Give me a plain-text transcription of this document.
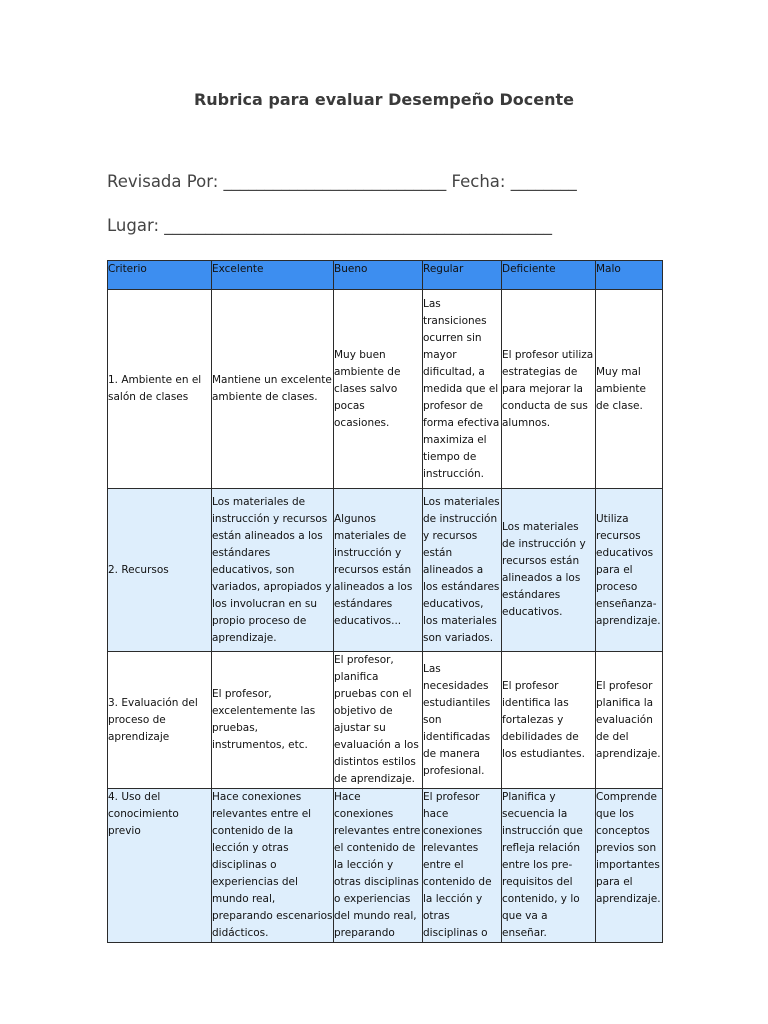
Rubrica para evaluar Desempeño Docente

Revisada Por: ___________________________ Fecha: ________

Lugar: _______________________________________________

Criterio	Excelente	Bueno	Regular	Deficiente	Malo
1. Ambiente en el salón de clases	Mantiene un excelente ambiente de clases.	Muy buen ambiente de clases salvo pocas ocasiones.	Las transiciones ocurren sin mayor dificultad, a medida que el profesor de forma efectiva maximiza el tiempo de instrucción.	El profesor utiliza estrategias de para mejorar la conducta de sus alumnos.	Muy mal ambiente de clase.
2. Recursos	Los materiales de instrucción y recursos están alineados a los estándares educativos, son variados, apropiados y los involucran en su propio proceso de aprendizaje.	Algunos materiales de instrucción y recursos están alineados a los estándares educativos...	Los materiales de instrucción y recursos están alineados a los estándares educativos, los materiales son variados.	Los materiales de instrucción y recursos están alineados a los estándares educativos.	Utiliza recursos educativos para el proceso enseñanza-aprendizaje.
3. Evaluación del proceso de aprendizaje	El profesor, excelentemente las pruebas, instrumentos, etc.	El profesor, planifica pruebas con el objetivo de ajustar su evaluación a los distintos estilos de aprendizaje.	Las necesidades estudiantiles son identificadas de manera profesional.	El profesor identifica las fortalezas y debilidades de los estudiantes.	El profesor planifica la evaluación de del aprendizaje.
4. Uso del conocimiento previo	Hace conexiones relevantes entre el contenido de la lección y otras disciplinas o experiencias del mundo real, preparando escenarios didácticos.	Hace conexiones relevantes entre el contenido de la lección y otras disciplinas o experiencias del mundo real, preparando	El profesor hace conexiones relevantes entre el contenido de la lección y otras disciplinas o	Planifica y secuencia la instrucción que refleja relación entre los pre-requisitos del contenido, y lo que va a enseñar.	Comprende que los conceptos previos son importantes para el aprendizaje.
